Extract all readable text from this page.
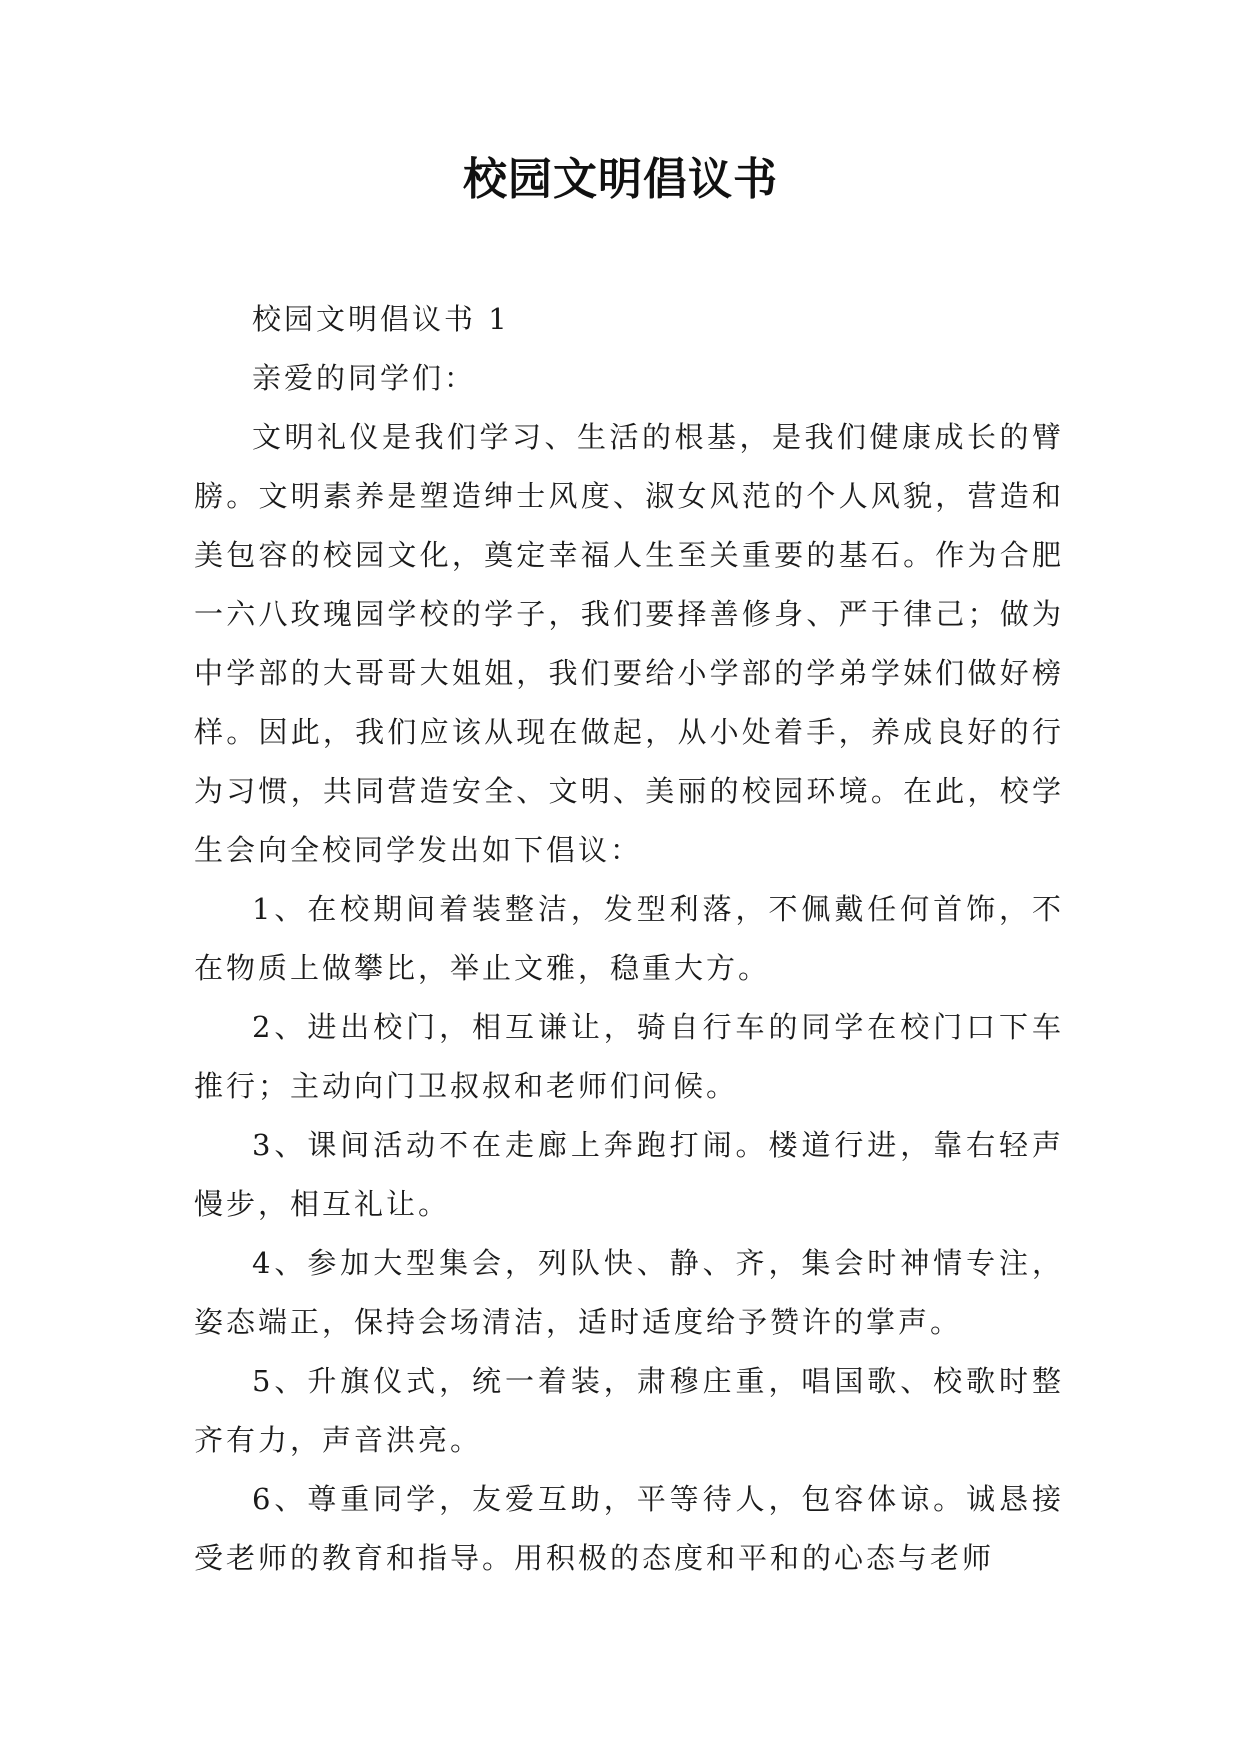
校园文明倡议书

校园文明倡议书 1

亲爱的同学们：

文明礼仪是我们学习、生活的根基，是我们健康成长的臂膀。文明素养是塑造绅士风度、淑女风范的个人风貌，营造和美包容的校园文化，奠定幸福人生至关重要的基石。作为合肥一六八玫瑰园学校的学子，我们要择善修身、严于律己；做为中学部的大哥哥大姐姐，我们要给小学部的学弟学妹们做好榜样。因此，我们应该从现在做起，从小处着手，养成良好的行为习惯，共同营造安全、文明、美丽的校园环境。在此，校学生会向全校同学发出如下倡议：

1、在校期间着装整洁，发型利落，不佩戴任何首饰，不在物质上做攀比，举止文雅，稳重大方。

2、进出校门，相互谦让，骑自行车的同学在校门口下车推行；主动向门卫叔叔和老师们问候。

3、课间活动不在走廊上奔跑打闹。楼道行进，靠右轻声慢步，相互礼让。

4、参加大型集会，列队快、静、齐，集会时神情专注，姿态端正，保持会场清洁，适时适度给予赞许的掌声。

5、升旗仪式，统一着装，肃穆庄重，唱国歌、校歌时整齐有力，声音洪亮。

6、尊重同学，友爱互助，平等待人，包容体谅。诚恳接受老师的教育和指导。用积极的态度和平和的心态与老师
